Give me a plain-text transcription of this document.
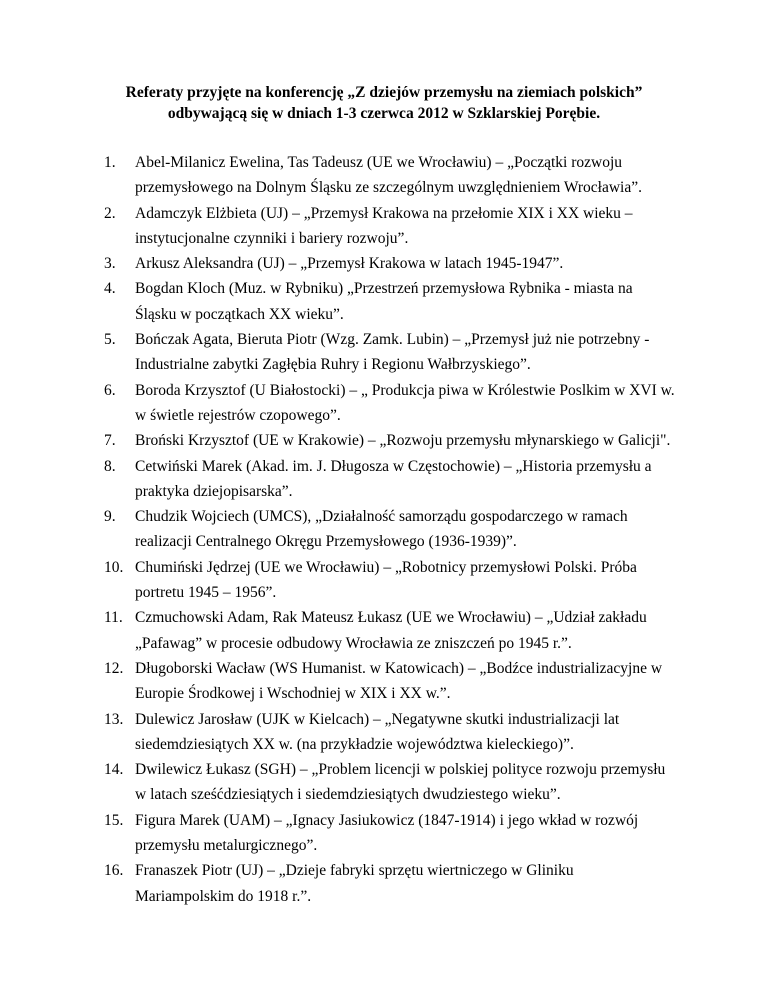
Referaty przyjęte na konferencję „Z dziejów przemysłu na ziemiach polskich”
odbywającą się w dniach 1-3 czerwca 2012 w Szklarskiej Porębie.
1. Abel-Milanicz Ewelina, Tas Tadeusz (UE we Wrocławiu) – „Początki rozwoju
przemysłowego na Dolnym Śląsku ze szczególnym uwzględnieniem Wrocławia”.
2. Adamczyk Elżbieta (UJ) – „Przemysł Krakowa na przełomie XIX i XX wieku –
instytucjonalne czynniki i bariery rozwoju”.
3. Arkusz Aleksandra (UJ) – „Przemysł Krakowa w latach 1945-1947”.
4. Bogdan Kloch (Muz. w Rybniku) „Przestrzeń przemysłowa Rybnika - miasta na
Śląsku w początkach XX wieku”.
5. Bończak Agata, Bieruta Piotr (Wzg. Zamk. Lubin) – „Przemysł już nie potrzebny -
Industrialne zabytki Zagłębia Ruhry i Regionu Wałbrzyskiego”.
6. Boroda Krzysztof (U Białostocki) – „ Produkcja piwa w Królestwie Poslkim w XVI w.
w świetle rejestrów czopowego”.
7. Broński Krzysztof (UE w Krakowie) – „Rozwoju przemysłu młynarskiego w Galicji".
8. Cetwiński Marek (Akad. im. J. Długosza w Częstochowie) – „Historia przemysłu a
praktyka dziejopisarska”.
9. Chudzik Wojciech (UMCS), „Działalność samorządu gospodarczego w ramach
realizacji Centralnego Okręgu Przemysłowego (1936-1939)”.
10. Chumiński Jędrzej (UE we Wrocławiu) – „Robotnicy przemysłowi Polski. Próba
portretu 1945 – 1956”.
11. Czmuchowski Adam, Rak Mateusz Łukasz (UE we Wrocławiu) – „Udział zakładu
„Pafawag” w procesie odbudowy Wrocławia ze zniszczeń po 1945 r.”.
12. Długoborski Wacław (WS Humanist. w Katowicach) – „Bodźce industrializacyjne w
Europie Środkowej i Wschodniej w XIX i XX w.”.
13. Dulewicz Jarosław (UJK w Kielcach) – „Negatywne skutki industrializacji lat
siedemdziesiątych XX w. (na przykładzie województwa kieleckiego)”.
14. Dwilewicz Łukasz (SGH) – „Problem licencji w polskiej polityce rozwoju przemysłu
w latach sześćdziesiątych i siedemdziesiątych dwudziestego wieku”.
15. Figura Marek (UAM) – „Ignacy Jasiukowicz (1847-1914) i jego wkład w rozwój
przemysłu metalurgicznego”.
16. Franaszek Piotr (UJ) – „Dzieje fabryki sprzętu wiertniczego w Gliniku
Mariampolskim do 1918 r.”.
